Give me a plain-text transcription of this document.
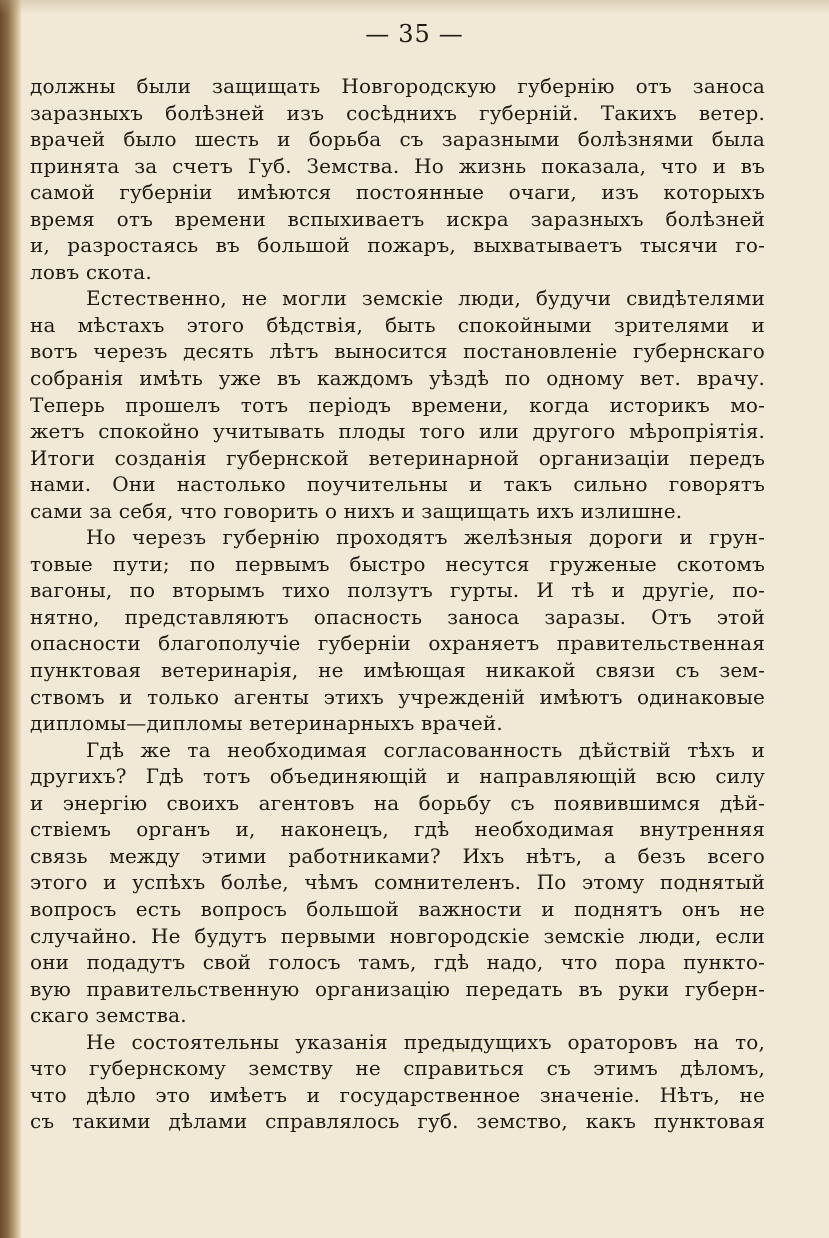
— 35 —
должны были защищать Новгородскую губернію отъ заноса
заразныхъ болѣзней изъ сосѣднихъ губерній. Такихъ ветер.
врачей было шесть и борьба съ заразными болѣзнями была
принята за счетъ Губ. Земства. Но жизнь показала, что и въ
самой губерніи имѣются постоянные очаги, изъ которыхъ
время отъ времени вспыхиваетъ искра заразныхъ болѣзней
и, разростаясь въ большой пожаръ, выхватываетъ тысячи го-
ловъ скота.
Естественно, не могли земскіе люди, будучи свидѣтелями
на мѣстахъ этого бѣдствія, быть спокойными зрителями и
вотъ черезъ десять лѣтъ выносится постановленіе губернскаго
собранія имѣть уже въ каждомъ уѣздѣ по одному вет. врачу.
Теперь прошелъ тотъ періодъ времени, когда историкъ мо-
жетъ спокойно учитывать плоды того или другого мѣропріятія.
Итоги созданія губернской ветеринарной организаціи передъ
нами. Они настолько поучительны и такъ сильно говорятъ
сами за себя, что говорить о нихъ и защищать ихъ излишне.
Но черезъ губернію проходятъ желѣзныя дороги и грун-
товые пути; по первымъ быстро несутся груженые скотомъ
вагоны, по вторымъ тихо ползутъ гурты. И тѣ и другіе, по-
нятно, представляютъ опасность заноса заразы. Отъ этой
опасности благополучіе губерніи охраняетъ правительственная
пунктовая ветеринарія, не имѣющая никакой связи съ зем-
ствомъ и только агенты этихъ учрежденій имѣютъ одинаковые
дипломы—дипломы ветеринарныхъ врачей.
Гдѣ же та необходимая согласованность дѣйствій тѣхъ и
другихъ? Гдѣ тотъ объединяющій и направляющій всю силу
и энергію своихъ агентовъ на борьбу съ появившимся дѣй-
ствіемъ органъ и, наконецъ, гдѣ необходимая внутренняя
связь между этими работниками? Ихъ нѣтъ, а безъ всего
этого и успѣхъ болѣе, чѣмъ сомнителенъ. По этому поднятый
вопросъ есть вопросъ большой важности и поднятъ онъ не
случайно. Не будутъ первыми новгородскіе земскіе люди, если
они подадутъ свой голосъ тамъ, гдѣ надо, что пора пункто-
вую правительственную организацію передать въ руки губерн-
скаго земства.
Не состоятельны указанія предыдущихъ ораторовъ на то,
что губернскому земству не справиться съ этимъ дѣломъ,
что дѣло это имѣетъ и государственное значеніе. Нѣтъ, не
съ такими дѣлами справлялось губ. земство, какъ пунктовая
